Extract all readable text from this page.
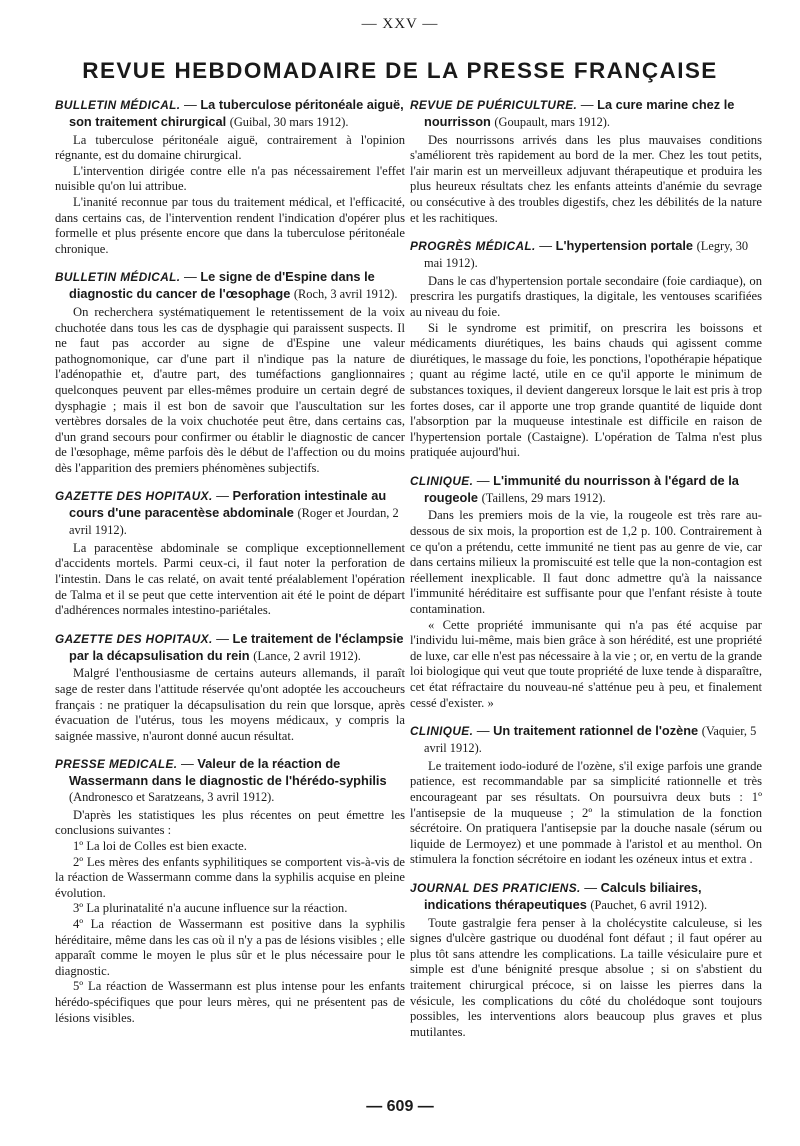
— XXV —
REVUE HEBDOMADAIRE DE LA PRESSE FRANÇAISE
BULLETIN MÉDICAL. — La tuberculose péritonéale aiguë, son traitement chirurgical (Guibal, 30 mars 1912).

La tuberculose péritonéale aiguë, contrairement à l'opinion régnante, est du domaine chirurgical.

L'intervention dirigée contre elle n'a pas nécessairement l'effet nuisible qu'on lui attribue.

L'inanité reconnue par tous du traitement médical, et l'efficacité, dans certains cas, de l'intervention rendent l'indication d'opérer plus formelle et plus présente encore que dans la tuberculose péritonéale chronique.

BULLETIN MÉDICAL. — Le signe de d'Espine dans le diagnostic du cancer de l'œsophage (Roch, 3 avril 1912).

On recherchera systématiquement le retentissement de la voix chuchotée dans tous les cas de dysphagie qui paraissent suspects. Il ne faut pas accorder au signe de d'Espine une valeur pathognomonique, car d'une part il n'indique pas la nature de l'adénopathie et, d'autre part, des tuméfactions ganglionnaires quelconques peuvent par elles-mêmes produire un certain degré de dysphagie ; mais il est bon de savoir que l'auscultation sur les vertèbres dorsales de la voix chuchotée peut être, dans certains cas, d'un grand secours pour confirmer ou établir le diagnostic de cancer de l'œsophage, même parfois dès le début de l'affection ou du moins dès l'apparition des premiers phénomènes subjectifs.

GAZETTE DES HOPITAUX. — Perforation intestinale au cours d'une paracentèse abdominale (Roger et Jourdan, 2 avril 1912).

La paracentèse abdominale se complique exceptionnellement d'accidents mortels. Parmi ceux-ci, il faut noter la perforation de l'intestin. Dans le cas relaté, on avait tenté préalablement l'opération de Talma et il se peut que cette intervention ait été le point de départ d'adhérences normales intestino-pariétales.

GAZETTE DES HOPITAUX. — Le traitement de l'éclampsie par la décapsulisation du rein (Lance, 2 avril 1912).

Malgré l'enthousiasme de certains auteurs allemands, il paraît sage de rester dans l'attitude réservée qu'ont adoptée les accoucheurs français : ne pratiquer la décapsulisation du rein que lorsque, après évacuation de l'utérus, tous les moyens médicaux, y compris la saignée massive, n'auront donné aucun résultat.

PRESSE MEDICALE. — Valeur de la réaction de Wassermann dans le diagnostic de l'hérédo-syphilis (Andronesco et Saratzeans, 3 avril 1912).

D'après les statistiques les plus récentes on peut émettre les conclusions suivantes :

1º La loi de Colles est bien exacte.

2º Les mères des enfants syphilitiques se comportent vis-à-vis de la réaction de Wassermann comme dans la syphilis acquise en pleine évolution.

3º La plurinatalité n'a aucune influence sur la réaction.

4º La réaction de Wassermann est positive dans la syphilis héréditaire, même dans les cas où il n'y a pas de lésions visibles ; elle apparaît comme le moyen le plus sûr et le plus nécessaire pour le diagnostic.

5º La réaction de Wassermann est plus intense pour les enfants hérédo-spécifiques que pour leurs mères, qui ne présentent pas de lésions visibles.

REVUE DE PUÉRICULTURE. — La cure marine chez le nourrisson (Goupault, mars 1912).

Des nourrissons arrivés dans les plus mauvaises conditions s'améliorent très rapidement au bord de la mer. Chez les tout petits, l'air marin est un merveilleux adjuvant thérapeutique et produira les plus heureux résultats chez les enfants atteints d'anémie du sevrage ou consécutive à des troubles digestifs, chez les débilités de la nature et les rachitiques.

PROGRÈS MÉDICAL. — L'hypertension portale (Legry, 30 mai 1912).

Dans le cas d'hypertension portale secondaire (foie cardiaque), on prescrira les purgatifs drastiques, la digitale, les ventouses scarifiées au niveau du foie.

Si le syndrome est primitif, on prescrira les boissons et médicaments diurétiques, les bains chauds qui agissent comme diurétiques, le massage du foie, les ponctions, l'opothérapie hépatique ; quant au régime lacté, utile en ce qu'il apporte le minimum de substances toxiques, il devient dangereux lorsque le lait est pris à trop fortes doses, car il apporte une trop grande quantité de liquide dont l'absorption par la muqueuse intestinale est difficile en raison de l'hypertension portale (Castaigne). L'opération de Talma n'est plus pratiquée aujourd'hui.

CLINIQUE. — L'immunité du nourrisson à l'égard de la rougeole (Taillens, 29 mars 1912).

Dans les premiers mois de la vie, la rougeole est très rare au-dessous de six mois, la proportion est de 1,2 p. 100. Contrairement à ce qu'on a prétendu, cette immunité ne tient pas au genre de vie, car dans certains milieux la promiscuité est telle que la non-contagion est réellement inexplicable. Il faut donc admettre qu'à la naissance l'immunité héréditaire est suffisante pour que l'enfant résiste à toute contamination.

« Cette propriété immunisante qui n'a pas été acquise par l'individu lui-même, mais bien grâce à son hérédité, est une propriété de luxe, car elle n'est pas nécessaire à la vie ; or, en vertu de la grande loi biologique qui veut que toute propriété de luxe tende à disparaître, cet état réfractaire du nouveau-né s'atténue peu à peu, et finalement cessé d'exister. »

CLINIQUE. — Un traitement rationnel de l'ozène (Vaquier, 5 avril 1912).

Le traitement iodo-ioduré de l'ozène, s'il exige parfois une grande patience, est recommandable par sa simplicité rationnelle et très encourageant par ses résultats. On poursuivra deux buts : 1º l'antisepsie de la muqueuse ; 2º la stimulation de la fonction sécrétoire. On pratiquera l'antisepsie par la douche nasale (sérum ou liquide de Lermoyez) et une pommade à l'aristol et au menthol. On stimulera la fonction sécrétoire en iodant les ozéneux intus et extra .

JOURNAL DES PRATICIENS. — Calculs biliaires, indications thérapeutiques (Pauchet, 6 avril 1912).

Toute gastralgie fera penser à la cholécystite calculeuse, si les signes d'ulcère gastrique ou duodénal font défaut ; il faut opérer au plus tôt sans attendre les complications. La taille vésiculaire pure et simple est d'une bénignité presque absolue ; si on s'abstient du traitement chirurgical précoce, si on laisse les pierres dans la vésicule, les complications du côté du cholédoque sont toujours possibles, les interventions alors beaucoup plus graves et plus mutilantes.

— 609 —
